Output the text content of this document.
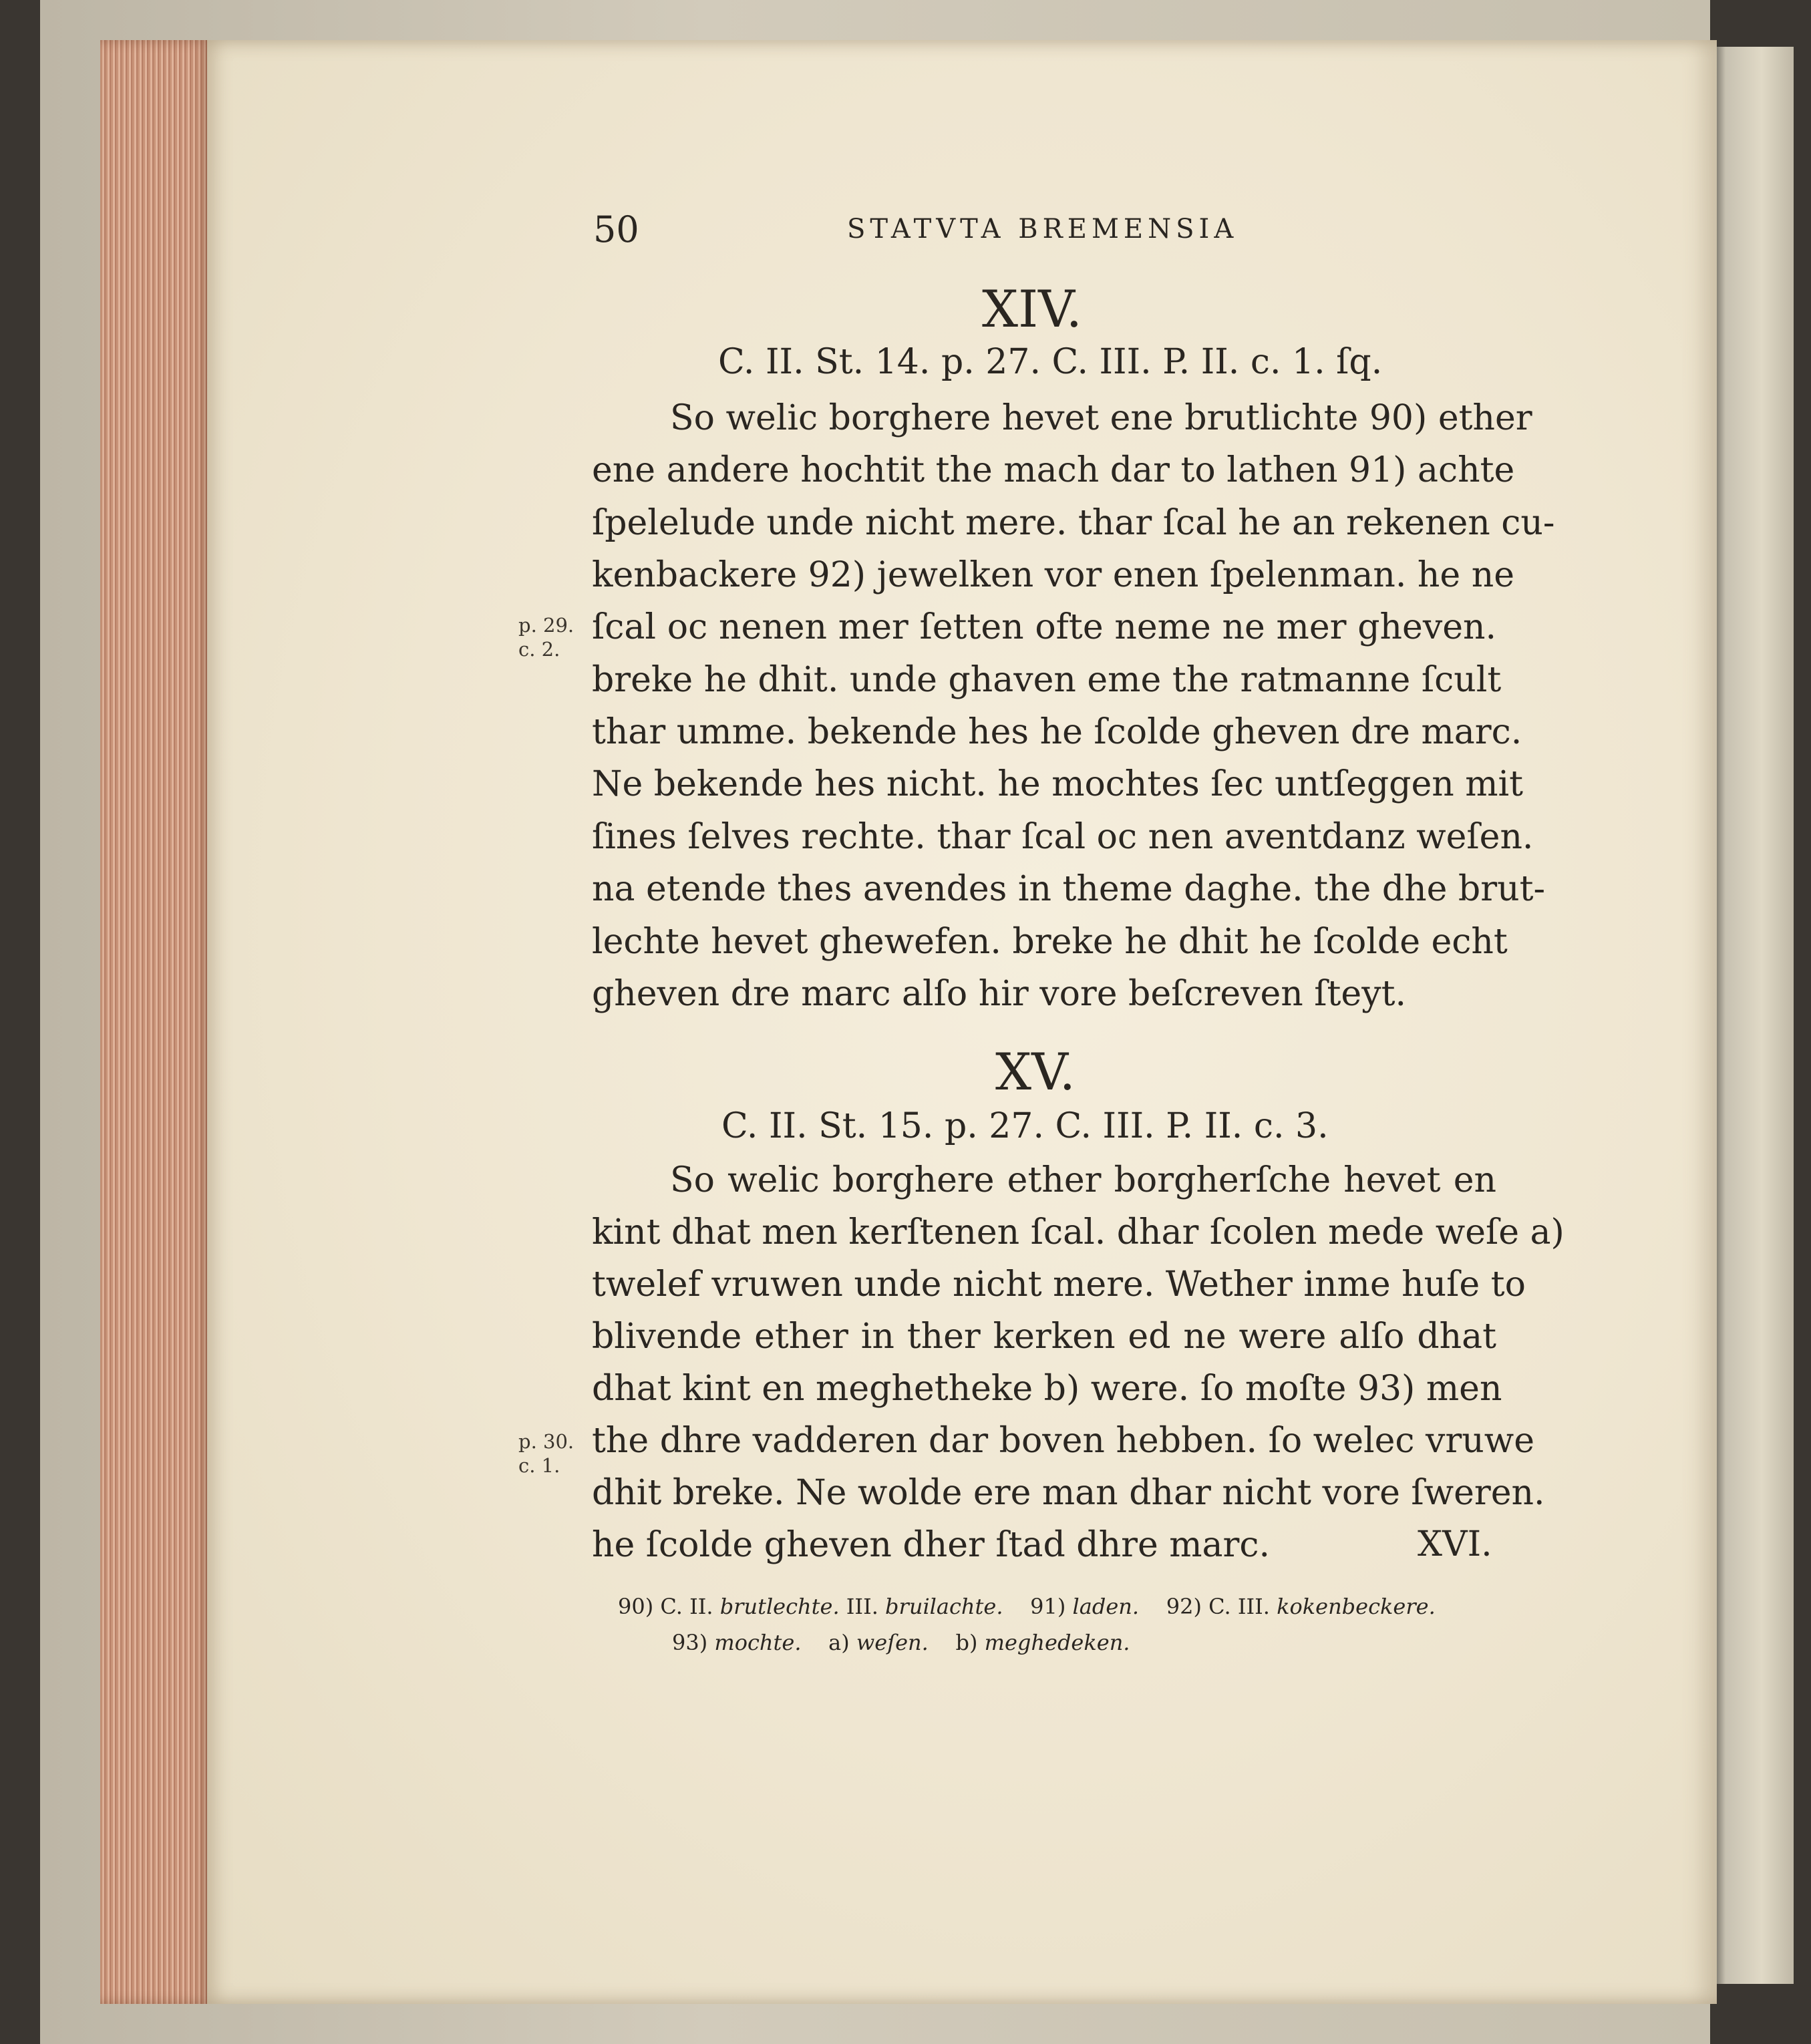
50	STATVTA BREMENSIA
XIV.
C. II. St. 14. p. 27. C. III. P. II. c. 1. ſq.
So welic borghere hevet ene brutlichte 90) ether
ene andere hochtit the mach dar to lathen 91) achte
ſpelelude unde nicht mere. thar ſcal he an rekenen cu-
kenbackere 92) jewelken vor enen ſpelenman. he ne
ſcal oc nenen mer ſetten ofte neme ne mer gheven.
breke he dhit. unde ghaven eme the ratmanne ſcult
thar umme. bekende hes he ſcolde gheven dre marc.
Ne bekende hes nicht. he mochtes ſec untſeggen mit
ſines ſelves rechte. thar ſcal oc nen aventdanz weſen.
na etende thes avendes in theme daghe. the dhe brut-
lechte hevet ghewefen. breke he dhit he ſcolde echt
gheven dre marc alſo hir vore beſcreven ſteyt.
p. 29.
c. 2.
XV.
C. II. St. 15. p. 27. C. III. P. II. c. 3.
So welic borghere ether borgherſche hevet en
kint dhat men kerſtenen ſcal. dhar ſcolen mede weſe a)
twelef vruwen unde nicht mere. Wether inme huſe to
blivende ether in ther kerken ed ne were alſo dhat
dhat kint en meghetheke b) were. ſo moſte 93) men
the dhre vadderen dar boven hebben. ſo welec vruwe
dhit breke. Ne wolde ere man dhar nicht vore ſweren.
he ſcolde gheven dher ſtad dhre marc.	XVI.
p. 30.
c. 1.
90) C. II. brutlechte. III. bruilachte. 91) laden. 92) C. III. kokenbeckere.
93) mochte. a) weſen. b) meghedeken.
